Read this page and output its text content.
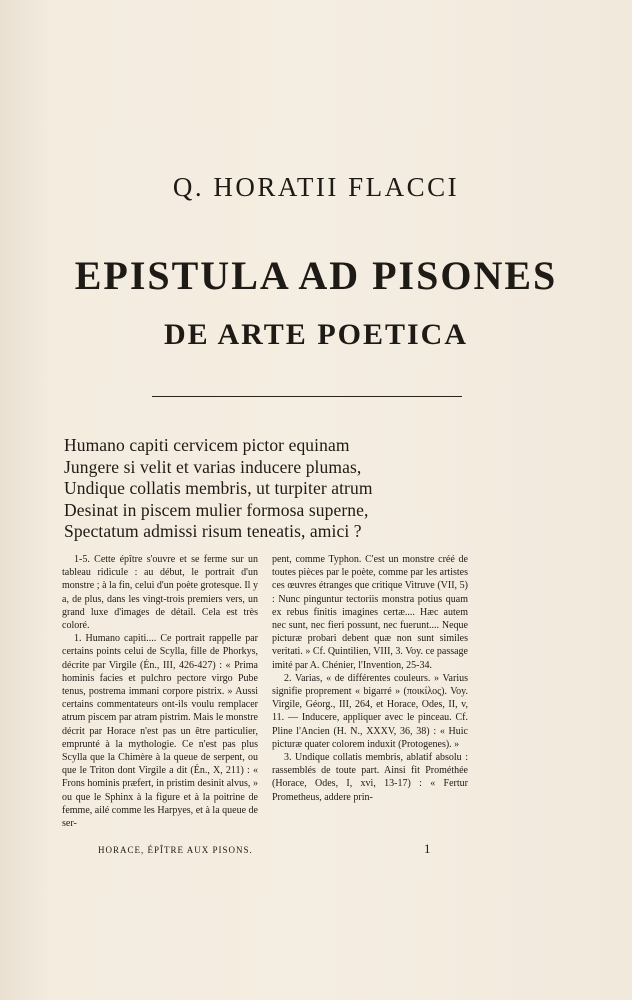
Q. HORATII FLACCI
EPISTULA AD PISONES
DE ARTE POETICA
Humano capiti cervicem pictor equinam
Jungere si velit et varias inducere plumas,
Undique collatis membris, ut turpiter atrum
Desinat in piscem mulier formosa superne,
Spectatum admissi risum teneatis, amici ?

1-5. Cette épître s'ouvre et se ferme sur un tableau ridicule : au début, le portrait d'un monstre ; à la fin, celui d'un poète grotesque. Il y a, de plus, dans les vingt-trois premiers vers, un grand luxe d'images de détail. Cela est très coloré.

1. Humano capiti.... Ce portrait rappelle par certains points celui de Scylla, fille de Phorkys, décrite par Virgile (Én., III, 426-427) : « Prima hominis facies et pulchro pectore virgo Pube tenus, postrema immani corpore pistrix. » Aussi certains commentateurs ont-ils voulu remplacer atrum piscem par atram pistrim. Mais le monstre décrit par Horace n'est pas un être particulier, emprunté à la mythologie. Ce n'est pas plus Scylla que la Chimère à la queue de serpent, ou que le Triton dont Virgile a dit (Én., X, 211) : « Frons hominis præfert, in pristim desinit alvus, » ou que le Sphinx à la figure et à la poitrine de femme, ailé comme les Harpyes, et à la queue de ser-

pent, comme Typhon. C'est un monstre créé de toutes pièces par le poète, comme par les artistes ces œuvres étranges que critique Vitruve (VII, 5) : Nunc pinguntur tectoriis monstra potius quam ex rebus finitis imagines certæ.... Hæc autem nec sunt, nec fieri possunt, nec fuerunt.... Neque picturæ probari debent quæ non sunt similes veritati. » Cf. Quintilien, VIII, 3. Voy. ce passage imité par A. Chénier, l'Invention, 25-34.

2. Varias, « de différentes couleurs. » Varius signifie proprement « bigarré » (ποικίλος). Voy. Virgile, Géorg., III, 264, et Horace, Odes, II, v, 11. — Inducere, appliquer avec le pinceau. Cf. Pline l'Ancien (H. N., XXXV, 36, 38) : « Huic picturæ quater colorem induxit (Protogenes). »

3. Undique collatis membris, ablatif absolu : rassemblés de toute part. Ainsi fit Prométhée (Horace, Odes, I, xvi, 13-17) : « Fertur Prometheus, addere prin-

HORACE, ÉPÎTRE AUX PISONS.	1
